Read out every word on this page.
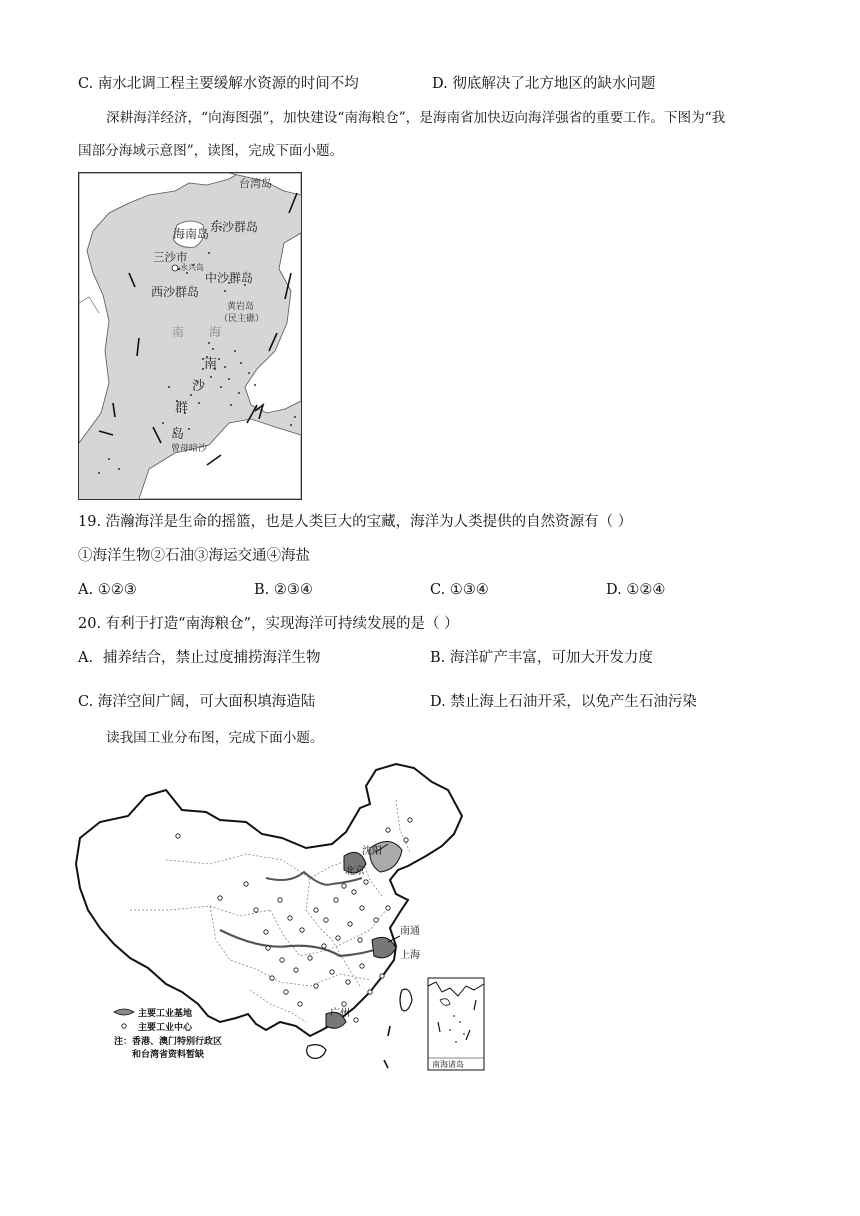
C. 南水北调工程主要缓解水资源的时间不均	D. 彻底解决了北方地区的缺水问题
深耕海洋经济，“向海图强”，加快建设“南海粮仓”，是海南省加快迈向海洋强省的重要工作。下图为“我
国部分海域示意图”，读图，完成下面小题。
台湾岛
海南岛 东沙群岛
三沙市
永兴岛
中沙群岛
西沙群岛
黄岩岛
（民主礁）
南 海
南
沙
群
岛
曾母暗沙
19. 浩瀚海洋是生命的摇篮，也是人类巨大的宝藏，海洋为人类提供的自然资源有（ ）
①海洋生物②石油③海运交通④海盐
A. ①②③	B. ②③④	C. ①③④	D. ①②④
20. 有利于打造“南海粮仓”，实现海洋可持续发展的是（ ）
A．捕养结合，禁止过度捕捞海洋生物	B. 海洋矿产丰富，可加大开发力度
C. 海洋空间广阔，可大面积填海造陆	D. 禁止海上石油开采，以免产生石油污染
读我国工业分布图，完成下面小题。
沈阳
北京
南通
上海
广州
南海诸岛
主要工业基地
主要工业中心
注：香港、澳门特别行政区
和台湾省资料暂缺
